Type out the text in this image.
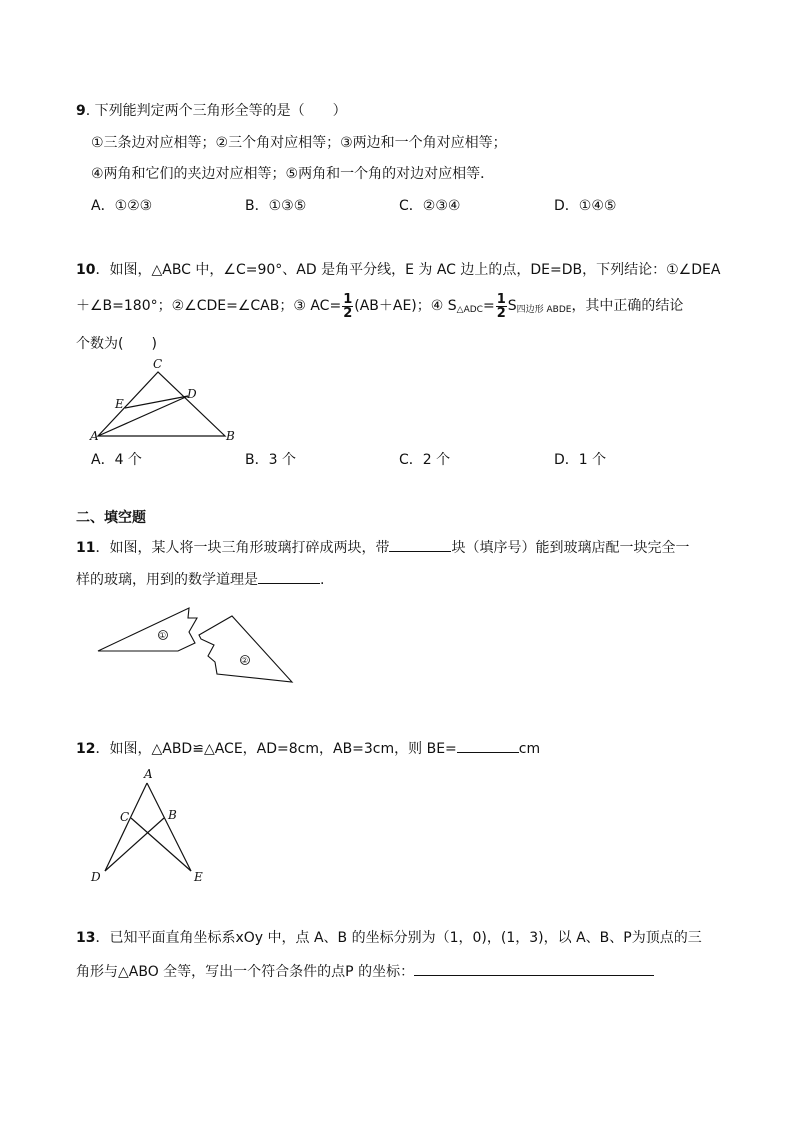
9. 下列能判定两个三角形全等的是（　　）
①三条边对应相等；②三个角对应相等；③两边和一个角对应相等；
④两角和它们的夹边对应相等；⑤两角和一个角的对边对应相等．
A．①②③	B．①③⑤	C．②③④	D．①④⑤
10．如图，△ABC 中，∠C=90°、AD 是角平分线，E 为 AC 边上的点，DE=DB，下列结论：①∠DEA
＋∠B=180°；②∠CDE=∠CAB；③ $AC= \frac{1}{2} (AB+AE)$；④ $S_{\triangle ADC}= \frac{1}{2} S_{四边形 ABDE}$，其中正确的结论
个数为(　　)
C
E
D
A	B
A．4 个	B．3 个	C．2 个	D．1 个
二、填空题
11．如图，某人将一块三角形玻璃打碎成两块，带	块（填序号）能到玻璃店配一块完全一
样的玻璃，用到的数学道理是	.
①
②
12．如图，△ABD≌△ACE，AD=8cm，AB=3cm，则 BE=	cm
A
C	B
D	E
13．已知平面直角坐标系xOy 中，点 A、B 的坐标分别为（1，0)，(1，3)，以 A、B、P为顶点的三
角形与△ABO 全等，写出一个符合条件的点P 的坐标：
